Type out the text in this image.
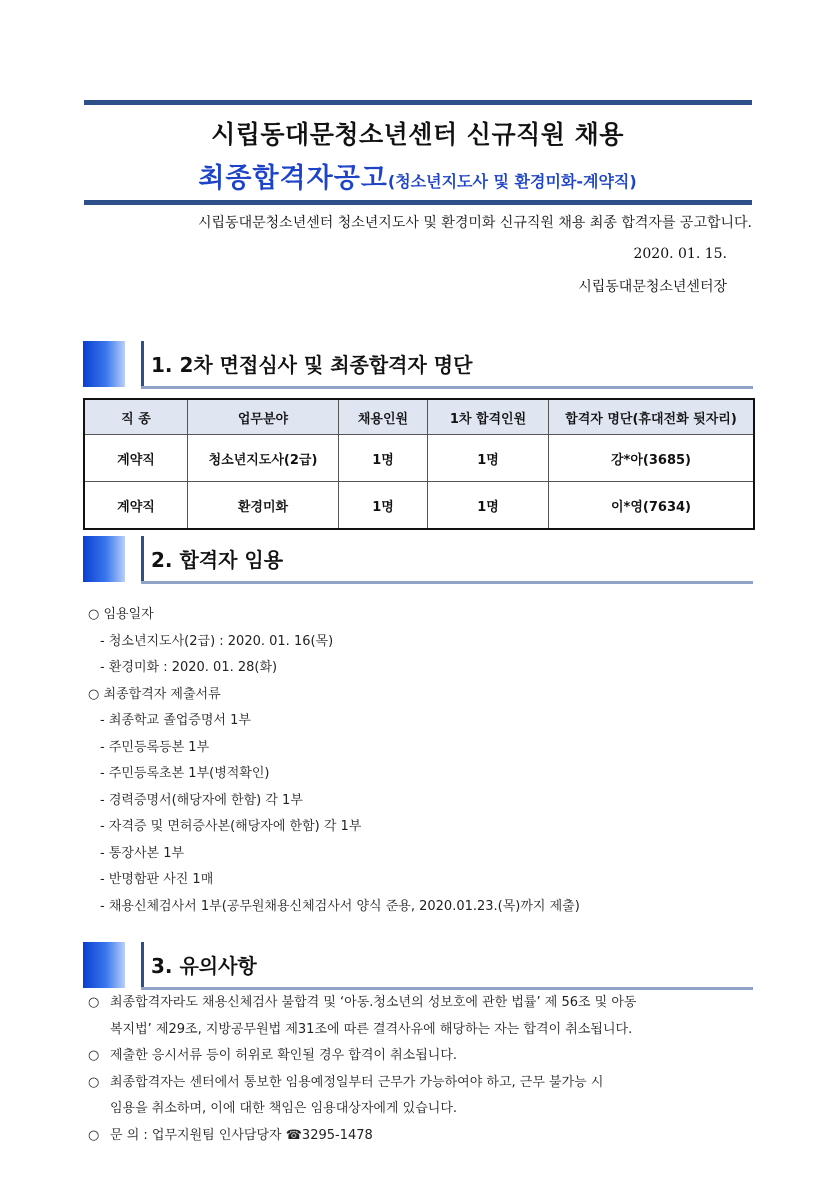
시립동대문청소년센터 신규직원 채용
최종합격자공고(청소년지도사 및 환경미화-계약직)
시립동대문청소년센터 청소년지도사 및 환경미화 신규직원 채용 최종 합격자를 공고합니다.
2020. 01. 15.
시립동대문청소년센터장
1. 2차 면접심사 및 최종합격자 명단
직 종	업무분야	채용인원	1차 합격인원	합격자 명단(휴대전화 뒷자리)
계약직	청소년지도사(2급)	1명	1명	강*아(3685)
계약직	환경미화	1명	1명	이*영(7634)
2. 합격자 임용
○ 임용일자
- 청소년지도사(2급) : 2020. 01. 16(목)
- 환경미화 : 2020. 01. 28(화)
○ 최종합격자 제출서류
- 최종학교 졸업증명서 1부
- 주민등록등본 1부
- 주민등록초본 1부(병적확인)
- 경력증명서(해당자에 한함) 각 1부
- 자격증 및 면허증사본(해당자에 한함) 각 1부
- 통장사본 1부
- 반명함판 사진 1매
- 채용신체검사서 1부(공무원채용신체검사서 양식 준용, 2020.01.23.(목)까지 제출)
3. 유의사항
○ 최종합격자라도 채용신체검사 불합격 및 ‘아동.청소년의 성보호에 관한 법률’ 제 56조 및 아동
복지법’ 제29조, 지방공무원법 제31조에 따른 결격사유에 해당하는 자는 합격이 취소됩니다.
○ 제출한 응시서류 등이 허위로 확인될 경우 합격이 취소됩니다.
○ 최종합격자는 센터에서 통보한 임용예정일부터 근무가 가능하여야 하고, 근무 불가능 시
임용을 취소하며, 이에 대한 책임은 임용대상자에게 있습니다.
○ 문 의 : 업무지원팀 인사담당자 ☎3295-1478
